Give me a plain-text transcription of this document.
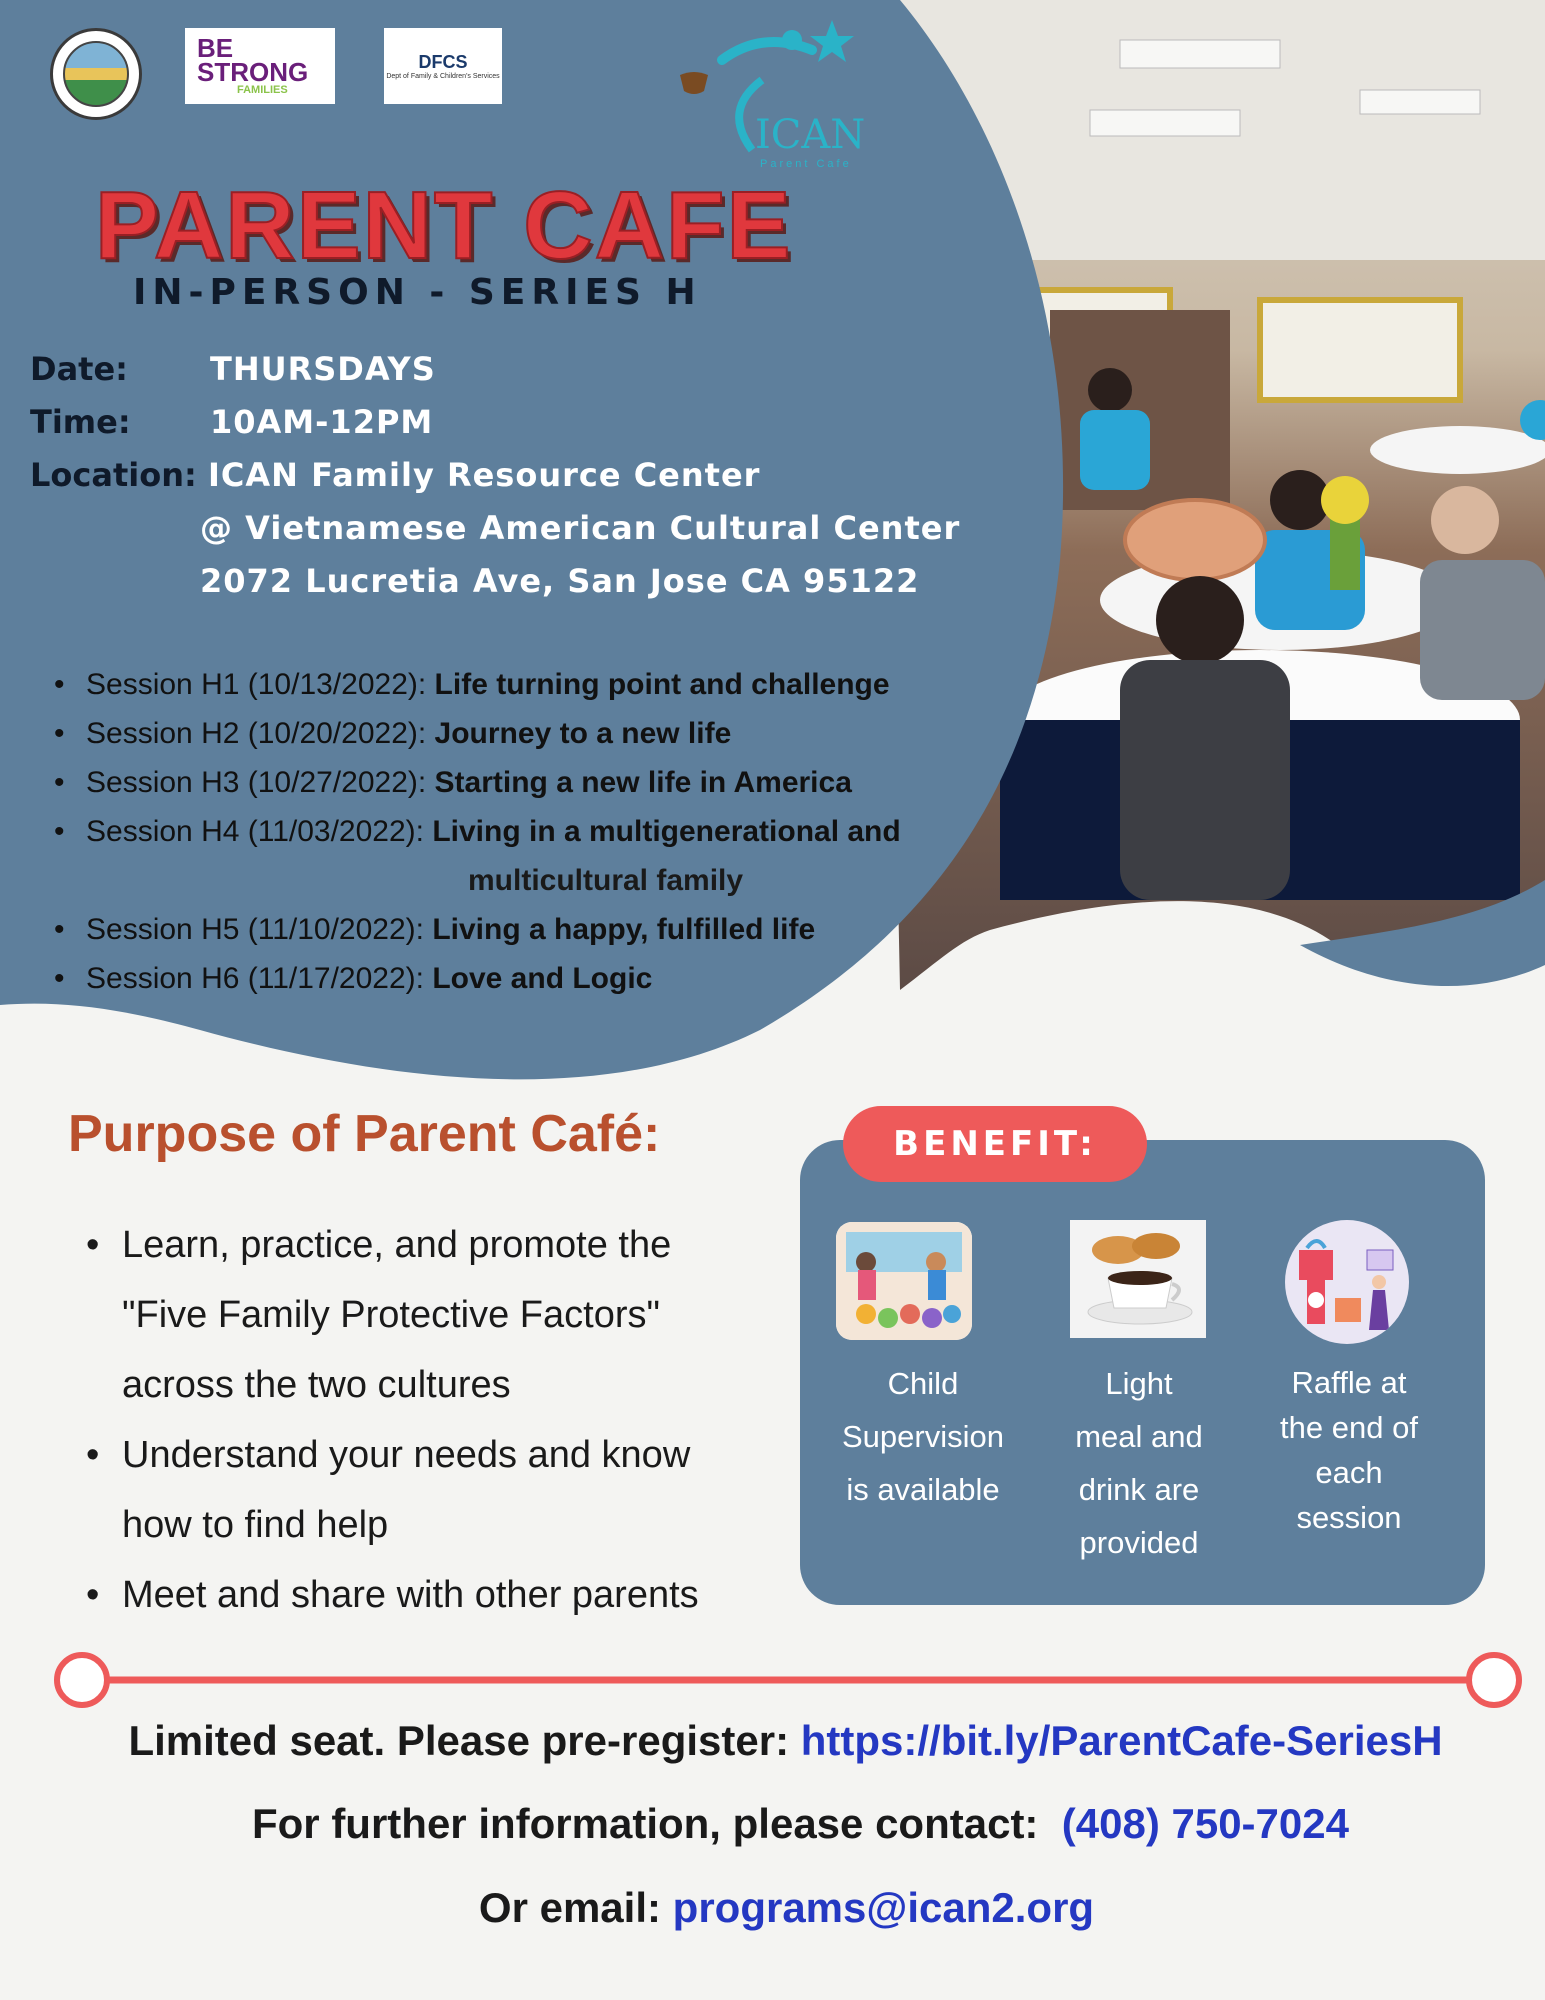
BE
STRONG
FAMILIES
DFCS
Dept of Family & Children's Services
ICAN
Parent Cafe
PARENT CAFE
IN-PERSON - SERIES H
Date:	THURSDAYS
Time: 10AM-12PM
Location: ICAN Family Resource Center
@ Vietnamese American Cultural Center
2072 Lucretia Ave, San Jose CA 95122
• Session H1 (10/13/2022): Life turning point and challenge
• Session H2 (10/20/2022): Journey to a new life
• Session H3 (10/27/2022): Starting a new life in America
• Session H4 (11/03/2022): Living in a multigenerational and
multicultural family
• Session H5 (11/10/2022): Living a happy, fulfilled life
• Session H6 (11/17/2022): Love and Logic
Purpose of Parent Café:
• Learn, practice, and promote the
"Five Family Protective Factors"
across the two cultures
• Understand your needs and know
how to find help
• Meet and share with other parents
BENEFIT:
Child
Supervision
is available
Light
meal and
drink are
provided
Raffle at
the end of
each
session
Limited seat. Please pre-register: https://bit.ly/ParentCafe-SeriesH
For further information, please contact:  (408) 750-7024
Or email: programs@ican2.org
